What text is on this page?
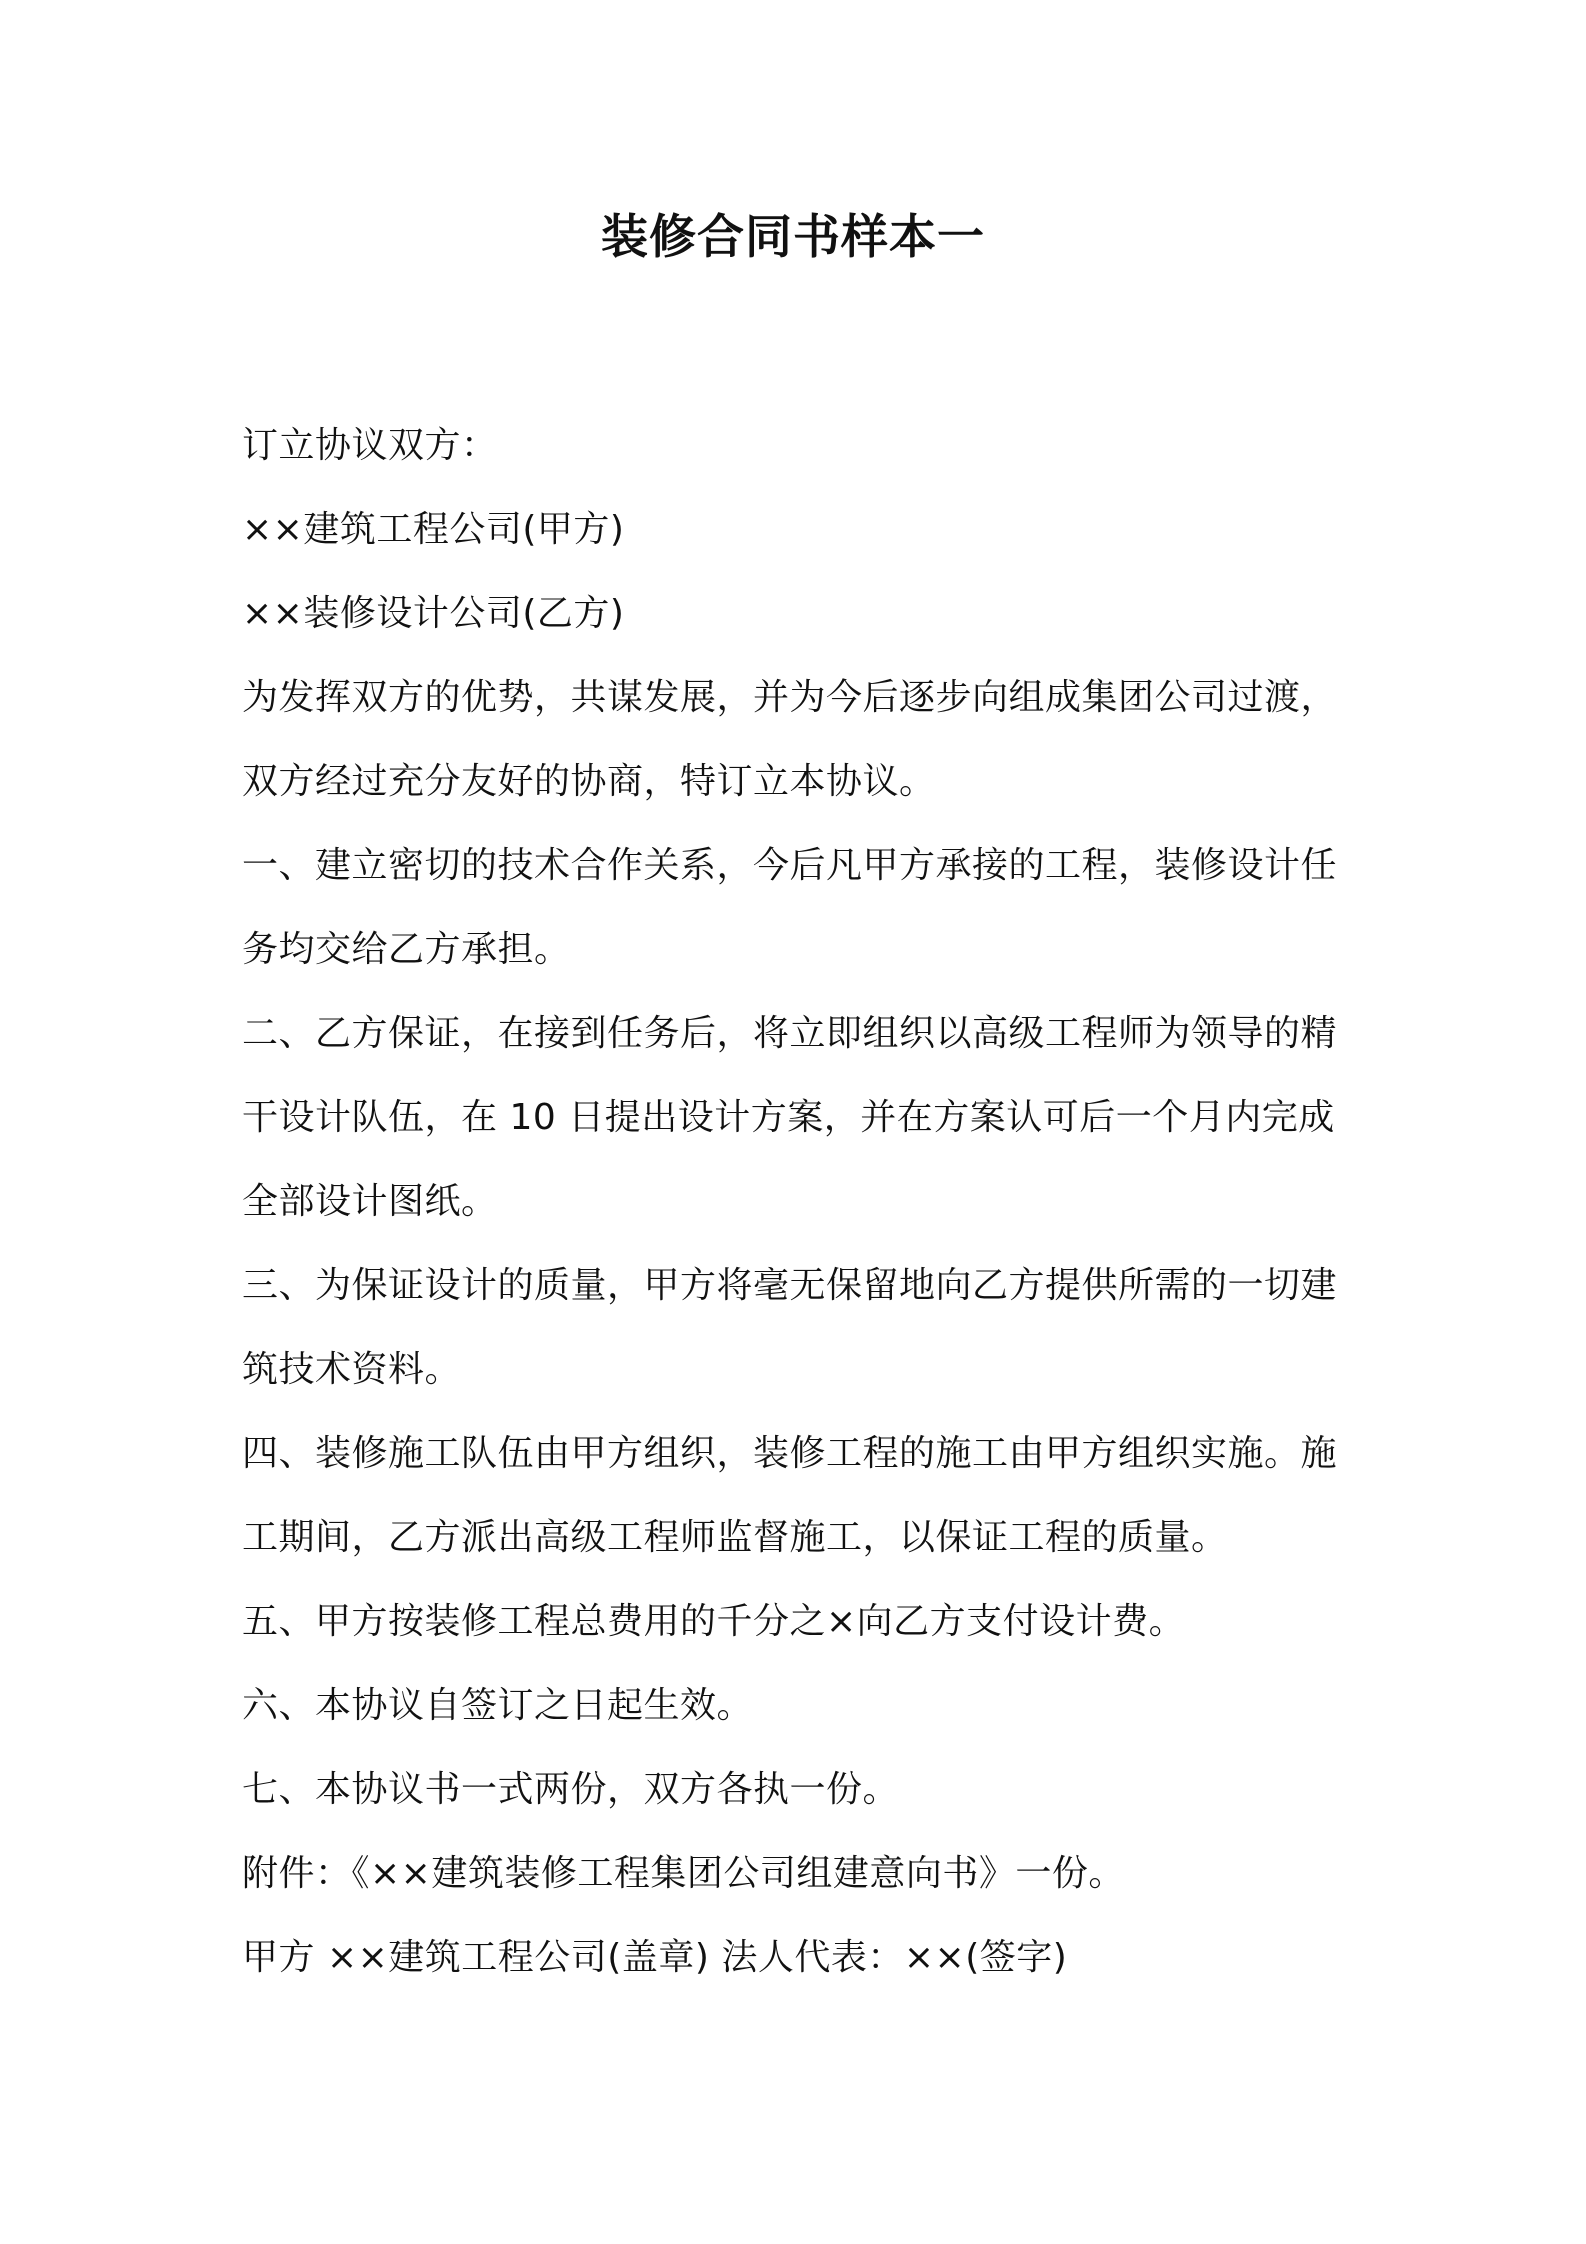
装修合同书样本一

订立协议双方：

××建筑工程公司(甲方)

××装修设计公司(乙方)

为发挥双方的优势，共谋发展，并为今后逐步向组成集团公司过渡，双方经过充分友好的协商，特订立本协议。

一、建立密切的技术合作关系，今后凡甲方承接的工程，装修设计任务均交给乙方承担。

二、乙方保证，在接到任务后，将立即组织以高级工程师为领导的精干设计队伍，在 10 日提出设计方案，并在方案认可后一个月内完成全部设计图纸。

三、为保证设计的质量，甲方将毫无保留地向乙方提供所需的一切建筑技术资料。

四、装修施工队伍由甲方组织，装修工程的施工由甲方组织实施。施工期间，乙方派出高级工程师监督施工，以保证工程的质量。

五、甲方按装修工程总费用的千分之×向乙方支付设计费。

六、本协议自签订之日起生效。

七、本协议书一式两份，双方各执一份。

附件：《××建筑装修工程集团公司组建意向书》一份。

甲方 ××建筑工程公司(盖章) 法人代表：××(签字)
